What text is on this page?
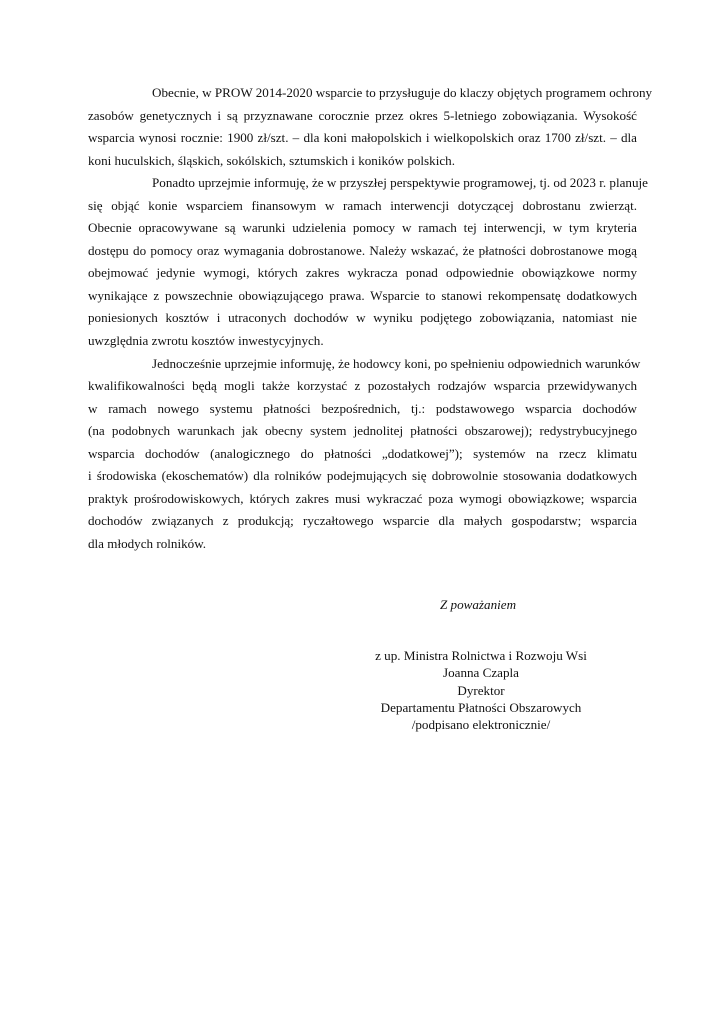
Obecnie, w PROW 2014-2020 wsparcie to przysługuje do klaczy objętych programem ochrony
zasobów genetycznych i są przyznawane corocznie przez okres 5-letniego zobowiązania. Wysokość
wsparcia wynosi rocznie: 1900 zł/szt. – dla koni małopolskich i wielkopolskich oraz 1700 zł/szt. – dla
koni huculskich, śląskich, sokólskich, sztumskich i koników polskich.

Ponadto uprzejmie informuję, że w przyszłej perspektywie programowej, tj. od 2023 r. planuje
się objąć konie wsparciem finansowym w ramach interwencji dotyczącej dobrostanu zwierząt.
Obecnie opracowywane są warunki udzielenia pomocy w ramach tej interwencji, w tym kryteria
dostępu do pomocy oraz wymagania dobrostanowe. Należy wskazać, że płatności dobrostanowe mogą
obejmować jedynie wymogi, których zakres wykracza ponad odpowiednie obowiązkowe normy
wynikające z powszechnie obowiązującego prawa. Wsparcie to stanowi rekompensatę dodatkowych
poniesionych kosztów i utraconych dochodów w wyniku podjętego zobowiązania, natomiast nie
uwzględnia zwrotu kosztów inwestycyjnych.

Jednocześnie uprzejmie informuję, że hodowcy koni, po spełnieniu odpowiednich warunków
kwalifikowalności będą mogli także korzystać z pozostałych rodzajów wsparcia przewidywanych
w ramach nowego systemu płatności bezpośrednich, tj.: podstawowego wsparcia dochodów
(na podobnych warunkach jak obecny system jednolitej płatności obszarowej); redystrybucyjnego
wsparcia dochodów (analogicznego do płatności „dodatkowej”); systemów na rzecz klimatu
i środowiska (ekoschematów) dla rolników podejmujących się dobrowolnie stosowania dodatkowych
praktyk prośrodowiskowych, których zakres musi wykraczać poza wymogi obowiązkowe; wsparcia
dochodów związanych z produkcją; ryczałtowego wsparcie dla małych gospodarstw; wsparcia
dla młodych rolników.

Z poważaniem
z up. Ministra Rolnictwa i Rozwoju Wsi
Joanna Czapla
Dyrektor
Departamentu Płatności Obszarowych
/podpisano elektronicznie/
